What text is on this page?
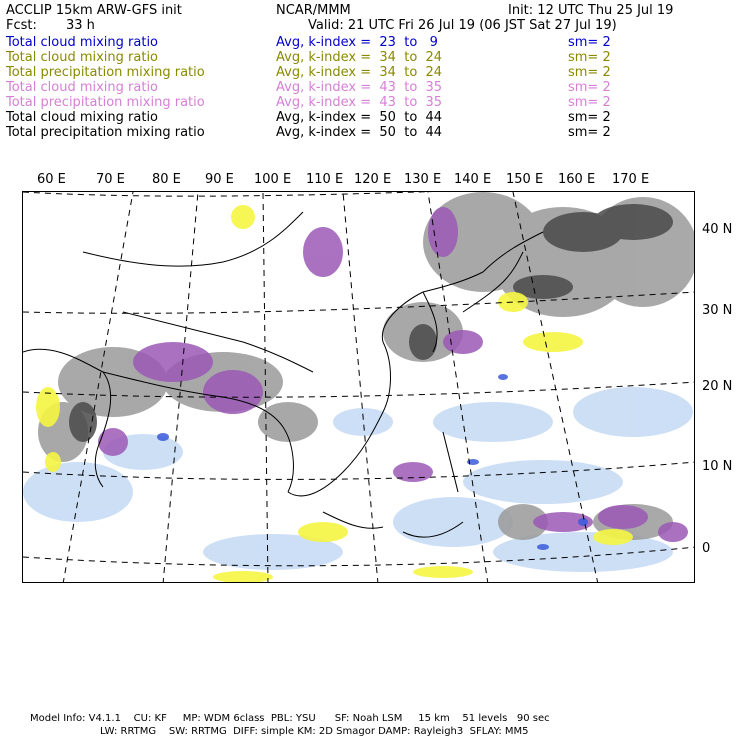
ACCLIP 15km ARW-GFS init	NCAR/MMM	Init: 12 UTC Thu 25 Jul 19
Fcst: 33 h	Valid: 21 UTC Fri 26 Jul 19 (06 JST Sat 27 Jul 19)
Total cloud mixing ratio	Avg, k-index =  23  to   9	sm= 2
Total cloud mixing ratio	Avg, k-index =  34  to  24	sm= 2
Total precipitation mixing ratio	Avg, k-index =  34  to  24	sm= 2
Total cloud mixing ratio	Avg, k-index =  43  to  35	sm= 2
Total precipitation mixing ratio	Avg, k-index =  43  to  35	sm= 2
Total cloud mixing ratio	Avg, k-index =  50  to  44	sm= 2
Total precipitation mixing ratio	Avg, k-index =  50  to  44	sm= 2
60 E 70 E 80 E 90 E 100 E 110 E 120 E 130 E 140 E 150 E 160 E 170 E
40 N
30 N
20 N
10 N
0
Model Info: V4.1.1    CU: KF     MP: WDM 6class  PBL: YSU      SF: Noah LSM     15 km    51 levels   90 sec
LW: RRTMG    SW: RRTMG  DIFF: simple KM: 2D Smagor DAMP: Rayleigh3  SFLAY: MM5
